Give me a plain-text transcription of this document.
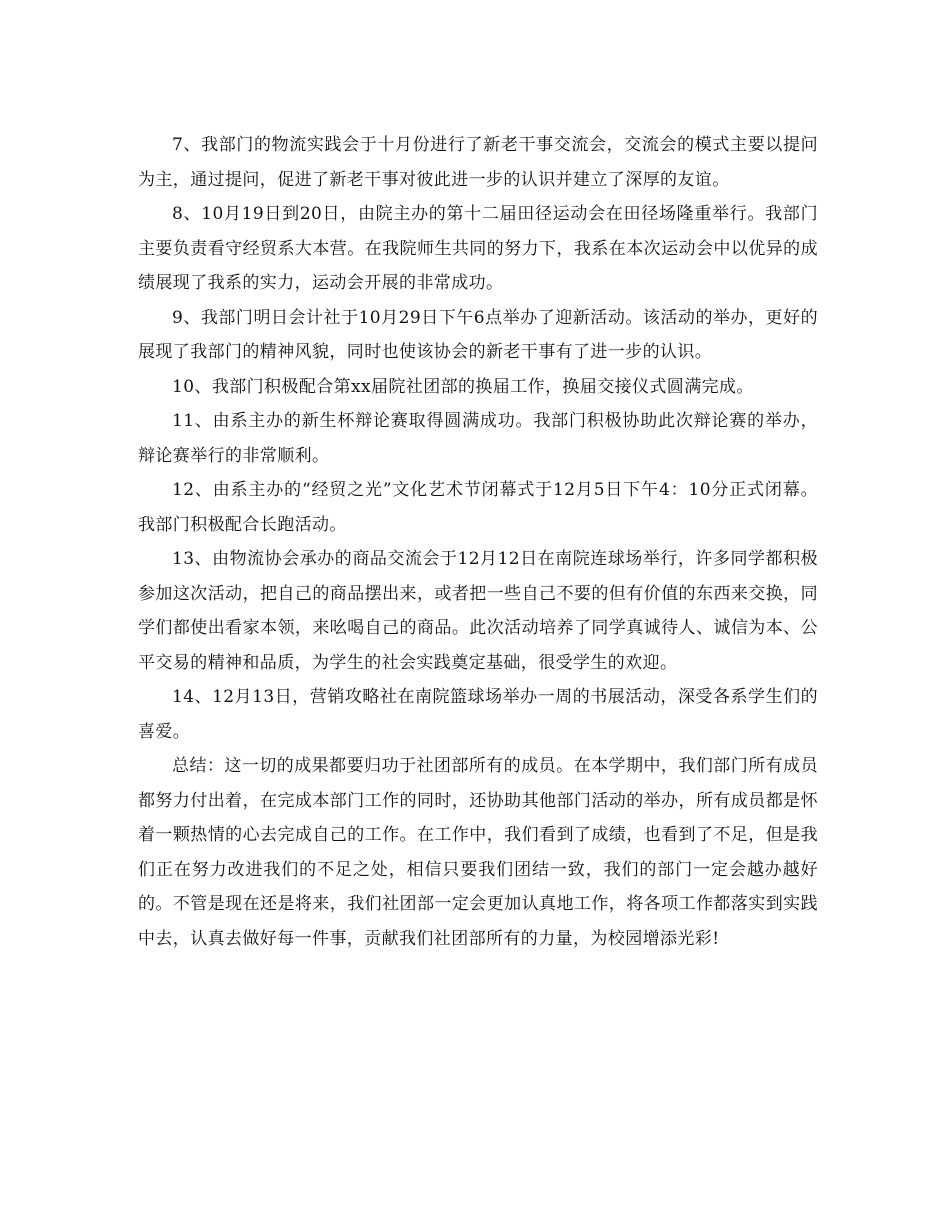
7、我部门的物流实践会于十月份进行了新老干事交流会，交流会的模式主要以提问为主，通过提问，促进了新老干事对彼此进一步的认识并建立了深厚的友谊。

8、10月19日到20日，由院主办的第十二届田径运动会在田径场隆重举行。我部门主要负责看守经贸系大本营。在我院师生共同的努力下，我系在本次运动会中以优异的成绩展现了我系的实力，运动会开展的非常成功。

9、我部门明日会计社于10月29日下午6点举办了迎新活动。该活动的举办，更好的展现了我部门的精神风貌，同时也使该协会的新老干事有了进一步的认识。

10、我部门积极配合第xx届院社团部的换届工作，换届交接仪式圆满完成。

11、由系主办的新生杯辩论赛取得圆满成功。我部门积极协助此次辩论赛的举办，辩论赛举行的非常顺利。

12、由系主办的“经贸之光”文化艺术节闭幕式于12月5日下午4：10分正式闭幕。我部门积极配合长跑活动。

13、由物流协会承办的商品交流会于12月12日在南院连球场举行，许多同学都积极参加这次活动，把自己的商品摆出来，或者把一些自己不要的但有价值的东西来交换，同学们都使出看家本领，来吆喝自己的商品。此次活动培养了同学真诚待人、诚信为本、公平交易的精神和品质，为学生的社会实践奠定基础，很受学生的欢迎。

14、12月13日，营销攻略社在南院篮球场举办一周的书展活动，深受各系学生们的喜爱。

总结：这一切的成果都要归功于社团部所有的成员。在本学期中，我们部门所有成员都努力付出着，在完成本部门工作的同时，还协助其他部门活动的举办，所有成员都是怀着一颗热情的心去完成自己的工作。在工作中，我们看到了成绩，也看到了不足，但是我们正在努力改进我们的不足之处，相信只要我们团结一致，我们的部门一定会越办越好的。不管是现在还是将来，我们社团部一定会更加认真地工作，将各项工作都落实到实践中去，认真去做好每一件事，贡献我们社团部所有的力量，为校园增添光彩!
